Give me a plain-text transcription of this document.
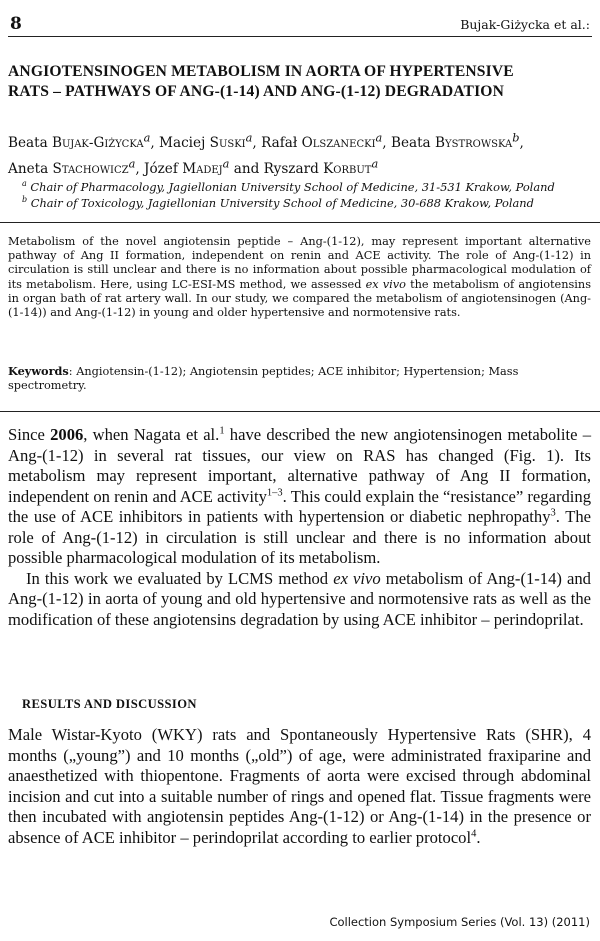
8	Bujak-Giżycka et al.:
ANGIOTENSINOGEN METABOLISM IN AORTA OF HYPERTENSIVE
RATS – PATHWAYS OF ANG-(1-14) AND ANG-(1-12) DEGRADATION
Beata Bujak-Giżycka$^a$, Maciej Suski$^a$, Rafał Olszanecki$^a$, Beata Bystrowska$^b$,
Aneta Stachowicz$^a$, Józef Madej$^a$ and Ryszard Korbut$^a$
$^a$ Chair of Pharmacology, Jagiellonian University School of Medicine, 31-531 Krakow, Poland
$^b$ Chair of Toxicology, Jagiellonian University School of Medicine, 30-688 Krakow, Poland
Metabolism of the novel angiotensin peptide – Ang-(1-12), may represent important alternative pathway of Ang II formation, independent on renin and ACE activity. The role of Ang-(1-12) in circulation is still unclear and there is no information about possible pharmacological modulation of its metabolism. Here, using LC-ESI-MS method, we assessed ex vivo the metabolism of angiotensins in organ bath of rat artery wall. In our study, we compared the metabolism of angiotensinogen (Ang-(1-14)) and Ang-(1-12) in young and older hypertensive and normotensive rats.
Keywords: Angiotensin-(1-12); Angiotensin peptides; ACE inhibitor; Hypertension; Mass spectrometry.

Since 2006, when Nagata et al.$^1$ have described the new angiotensinogen metabolite – Ang-(1-12) in several rat tissues, our view on RAS has changed (Fig. 1). Its metabolism may represent important, alternative pathway of Ang II formation, independent on renin and ACE activity$^{1-3}$. This could explain the “resistance” regarding the use of ACE inhibitors in patients with hypertension or diabetic nephropathy$^3$. The role of Ang-(1-12) in circulation is still unclear and there is no information about possible pharmacological modulation of its metabolism.

In this work we evaluated by LCMS method ex vivo metabolism of Ang-(1-14) and Ang-(1-12) in aorta of young and old hypertensive and normotensive rats as well as the modification of these angiotensins degradation by using ACE inhibitor – perindoprilat.

RESULTS AND DISCUSSION

Male Wistar-Kyoto (WKY) rats and Spontaneously Hypertensive Rats (SHR), 4 months („young”) and 10 months („old”) of age, were administrated fraxiparine and anaesthetized with thiopentone. Fragments of aorta were excised through abdominal incision and cut into a suitable number of rings and opened flat. Tissue fragments were then incubated with angiotensin peptides Ang-(1-12) or Ang-(1-14) in the presence or absence of ACE inhibitor – perindoprilat according to earlier protocol$^4$.

Collection Symposium Series (Vol. 13) (2011)
